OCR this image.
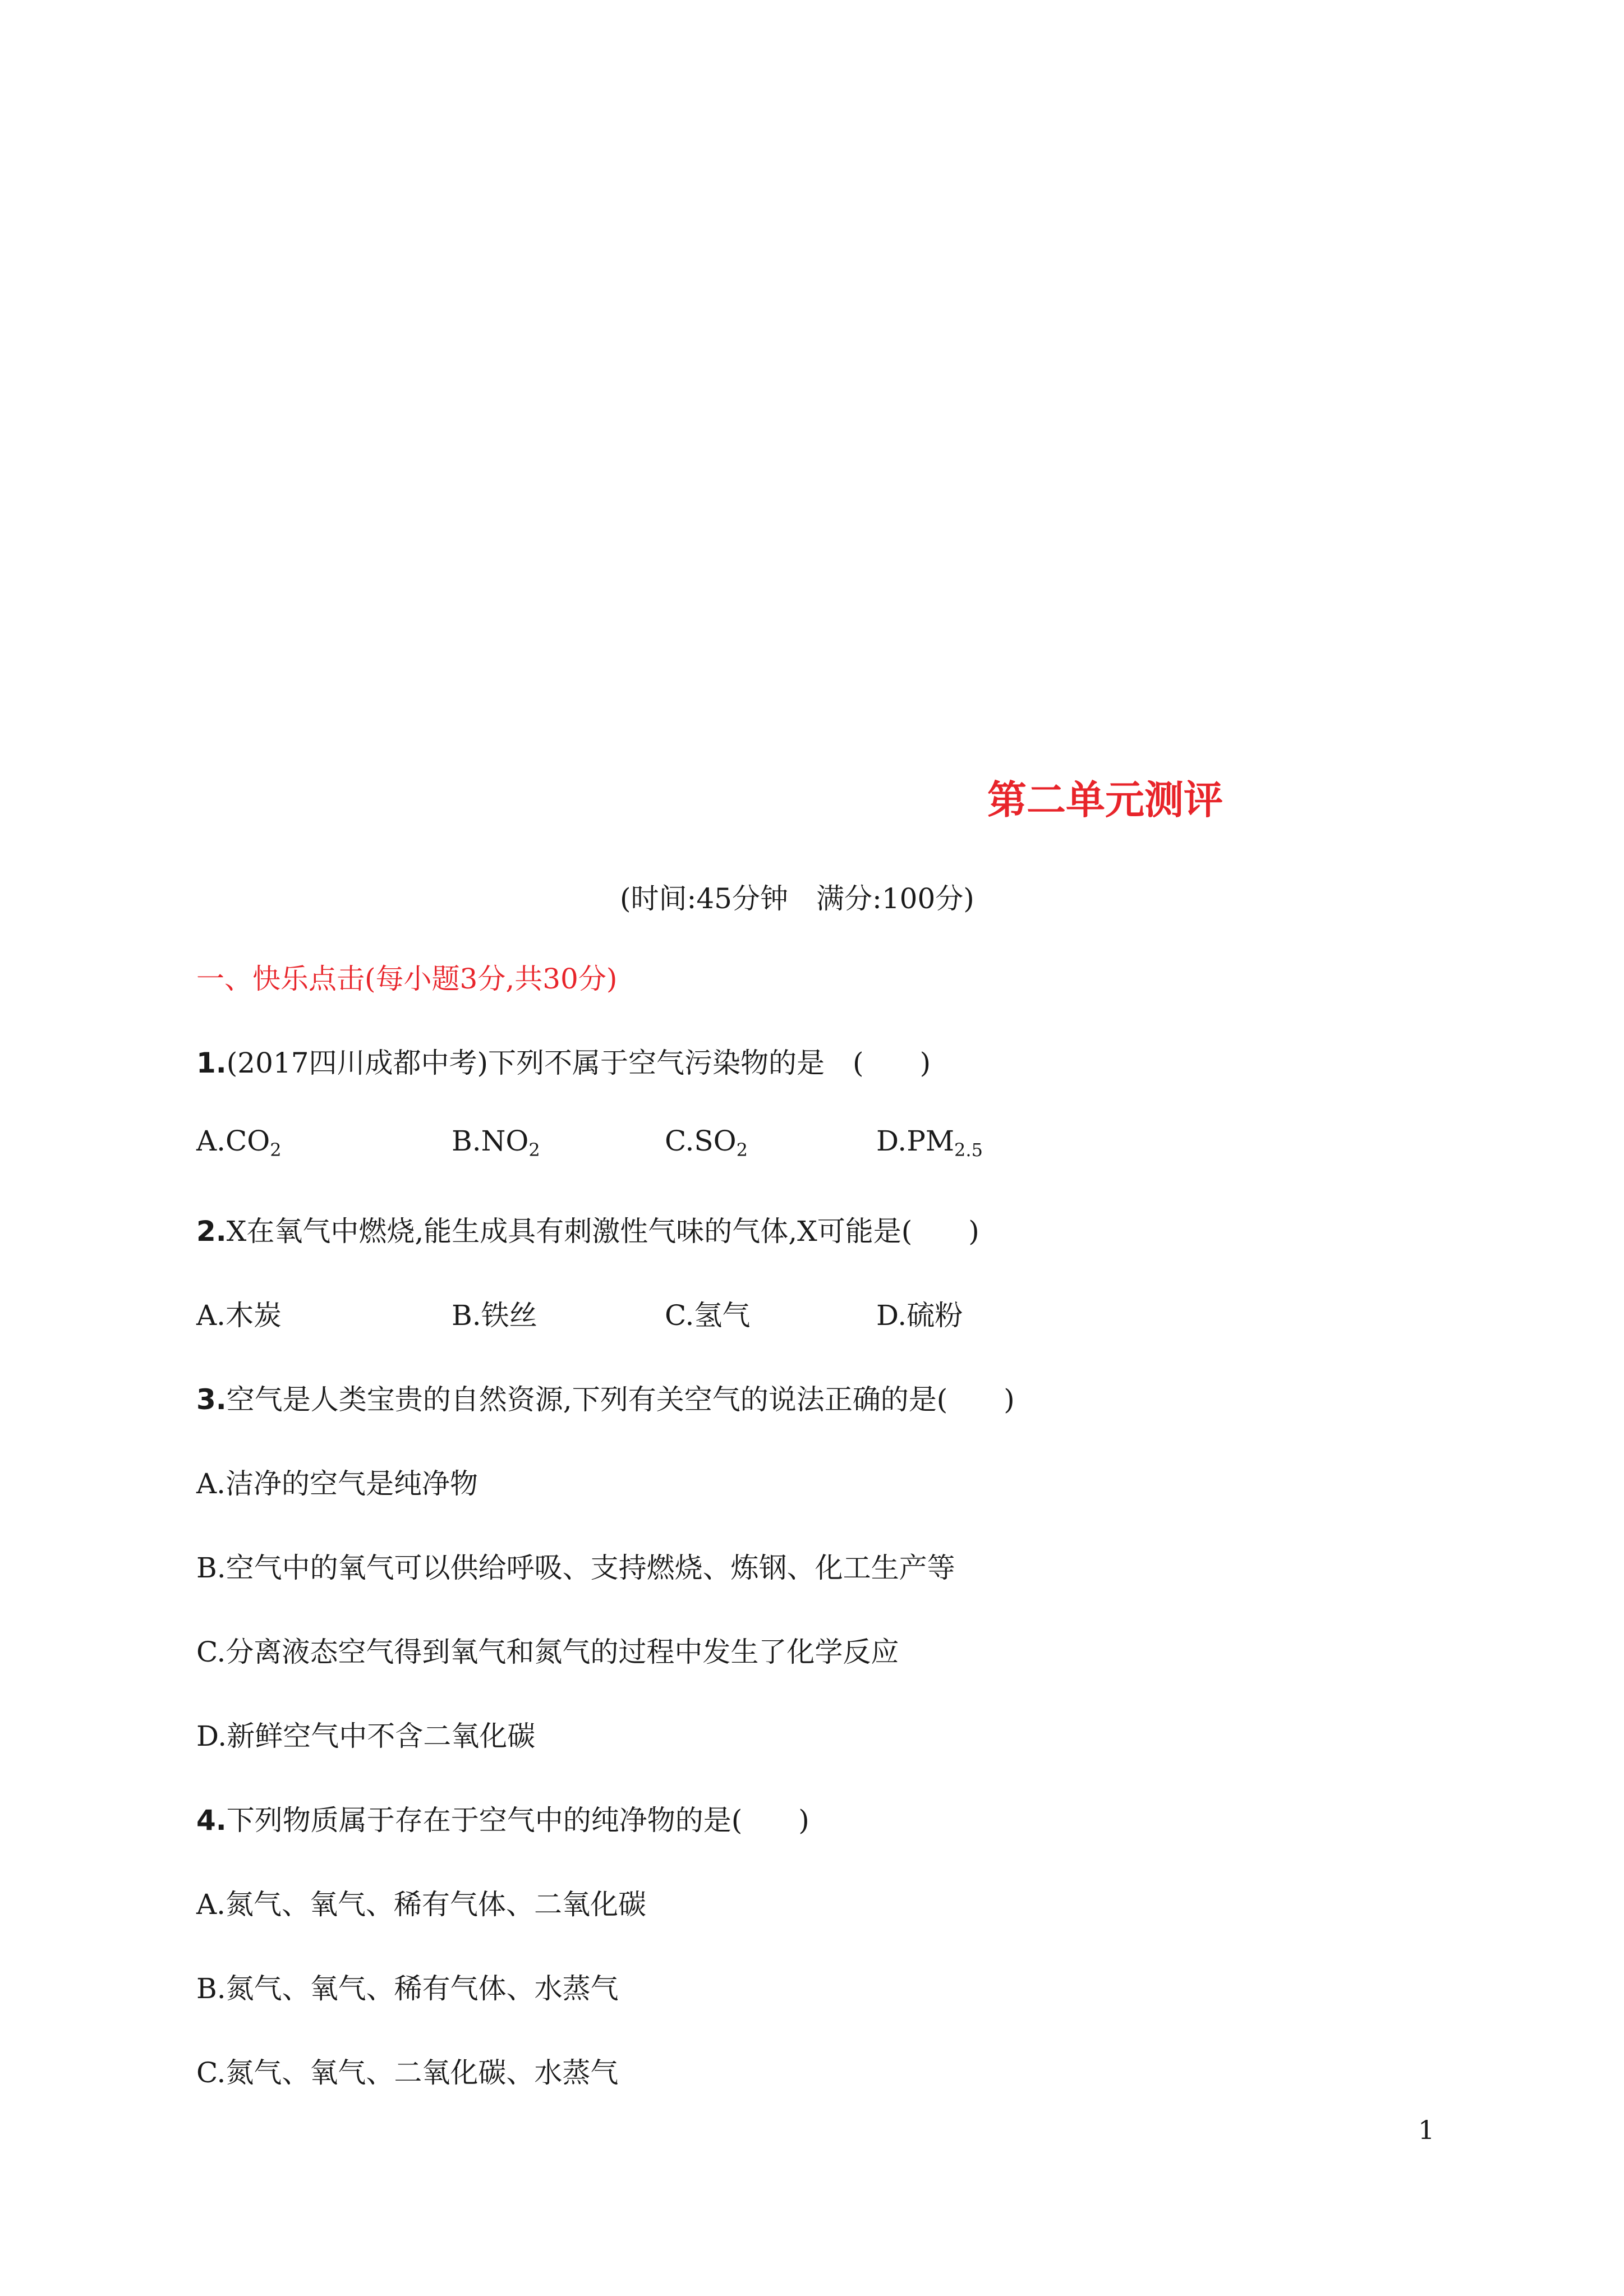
第二单元测评
(时间:45分钟　满分:100分)
一、快乐点击(每小题3分,共30分)
1.(2017四川成都中考)下列不属于空气污染物的是　(　　)
$A.CO_2$	$B.NO_2$	$C.SO_2$	$D.PM_{2.5}$
2.X在氧气中燃烧,能生成具有刺激性气味的气体,X可能是(　　)
A.木炭	B.铁丝	C.氢气	D.硫粉
3.空气是人类宝贵的自然资源,下列有关空气的说法正确的是(　　)
A.洁净的空气是纯净物
B.空气中的氧气可以供给呼吸、支持燃烧、炼钢、化工生产等
C.分离液态空气得到氧气和氮气的过程中发生了化学反应
D.新鲜空气中不含二氧化碳
4.下列物质属于存在于空气中的纯净物的是(　　)
A.氮气、氧气、稀有气体、二氧化碳
B.氮气、氧气、稀有气体、水蒸气
C.氮气、氧气、二氧化碳、水蒸气
1
